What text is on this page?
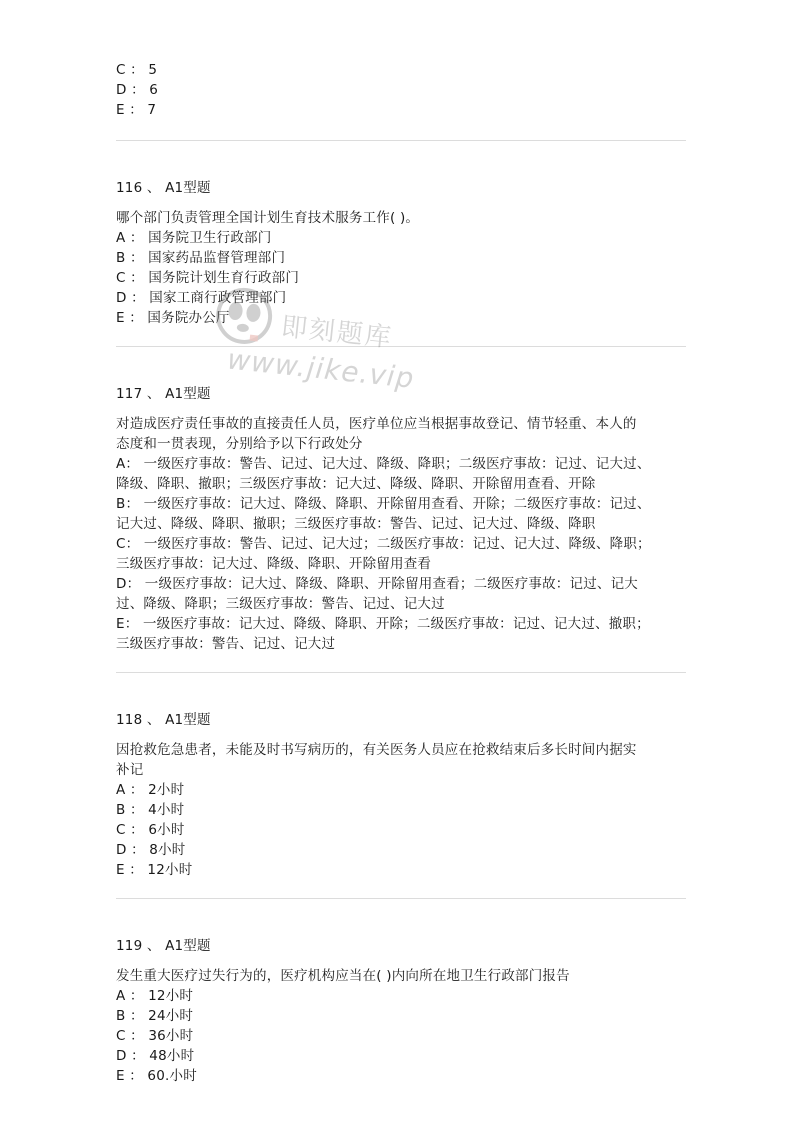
C ： 5
D ： 6
E ： 7
116 、 A1型题
哪个部门负责管理全国计划生育技术服务工作( )。
A ： 国务院卫生行政部门
B ： 国家药品监督管理部门
C ： 国务院计划生育行政部门
D ： 国家工商行政管理部门
E ： 国务院办公厅
117 、 A1型题
对造成医疗责任事故的直接责任人员，医疗单位应当根据事故登记、情节轻重、本人的
态度和一贯表现，分别给予以下行政处分
A： 一级医疗事故：警告、记过、记大过、降级、降职；二级医疗事故：记过、记大过、
降级、降职、撤职；三级医疗事故：记大过、降级、降职、开除留用查看、开除
B： 一级医疗事故：记大过、降级、降职、开除留用查看、开除；二级医疗事故：记过、
记大过、降级、降职、撤职；三级医疗事故：警告、记过、记大过、降级、降职
C： 一级医疗事故：警告、记过、记大过；二级医疗事故：记过、记大过、降级、降职；
三级医疗事故：记大过、降级、降职、开除留用查看
D： 一级医疗事故：记大过、降级、降职、开除留用查看；二级医疗事故：记过、记大
过、降级、降职；三级医疗事故：警告、记过、记大过
E： 一级医疗事故：记大过、降级、降职、开除；二级医疗事故：记过、记大过、撤职；
三级医疗事故：警告、记过、记大过
118 、 A1型题
因抢救危急患者，未能及时书写病历的，有关医务人员应在抢救结束后多长时间内据实
补记
A ： 2小时
B ： 4小时
C ： 6小时
D ： 8小时
E ： 12小时
119 、 A1型题
发生重大医疗过失行为的，医疗机构应当在( )内向所在地卫生行政部门报告
A ： 12小时
B ： 24小时
C ： 36小时
D ： 48小时
E ： 60.小时
即刻题库
www.jike.vip
